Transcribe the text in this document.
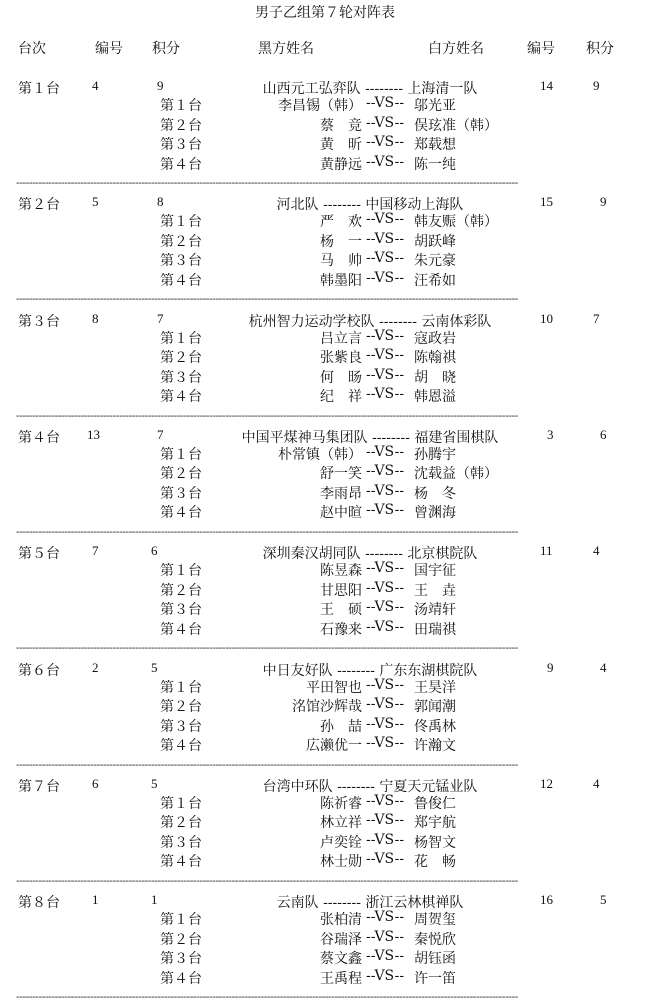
男子乙组第７轮对阵表
台次	编号 积分	黑方姓名	白方姓名	编号 积分
第１台 4	9	山西元工弘弈队 -------- 上海清一队	14	9
第１台	李昌锡（韩） --VS-- 邬光亚
第２台	蔡　竞 --VS-- 俣玹准（韩）
第３台	黄　昕 --VS-- 郑载想
第４台	黄静远 --VS-- 陈一纯
------------------------------------------------------------------------------------------------------------------------------------------------------------
第２台 5	8	河北队 -------- 中国移动上海队	15	9
第１台	严　欢 --VS-- 韩友赈（韩）
第２台	杨　一 --VS-- 胡跃峰
第３台	马　帅 --VS-- 朱元豪
第４台	韩墨阳 --VS-- 汪希如
------------------------------------------------------------------------------------------------------------------------------------------------------------
第３台 8	7	杭州智力运动学校队 -------- 云南体彩队	10	7
第１台	吕立言 --VS-- 寇政岩
第２台	张紫良 --VS-- 陈翰祺
第３台	何　旸 --VS-- 胡　晓
第４台	纪　祥 --VS-- 韩恩溢
------------------------------------------------------------------------------------------------------------------------------------------------------------
第４台 13	7	中国平煤神马集团队 -------- 福建省围棋队	3	6
第１台	朴常镇（韩） --VS-- 孙腾宇
第２台	舒一笑 --VS-- 沈载益（韩）
第３台	李雨昂 --VS-- 杨　冬
第４台	赵中暄 --VS-- 曾渊海
------------------------------------------------------------------------------------------------------------------------------------------------------------
第５台 7	6	深圳秦汉胡同队 -------- 北京棋院队	11	4
第１台	陈昱森 --VS-- 国宇征
第２台	甘思阳 --VS-- 王　垚
第３台	王　硕 --VS-- 汤靖轩
第４台	石豫来 --VS-- 田瑞祺
------------------------------------------------------------------------------------------------------------------------------------------------------------
第６台 2	5	中日友好队 -------- 广东东湖棋院队	9	4
第１台	平田智也 --VS-- 王昊洋
第２台	洺馆沙辉哉 --VS-- 郭闻潮
第３台	孙　喆 --VS-- 佟禹林
第４台	広濑优一 --VS-- 许瀚文
------------------------------------------------------------------------------------------------------------------------------------------------------------
第７台 6	5	台湾中环队 -------- 宁夏天元锰业队	12	4
第１台	陈祈睿 --VS-- 鲁俊仁
第２台	林立祥 --VS-- 郑宇航
第３台	卢奕铨 --VS-- 杨智文
第４台	林士勋 --VS-- 花　畅
------------------------------------------------------------------------------------------------------------------------------------------------------------
第８台 1	1	云南队 -------- 浙江云林棋禅队	16	5
第１台	张柏清 --VS-- 周贺玺
第２台	谷瑞泽 --VS-- 秦悦欣
第３台	蔡文鑫 --VS-- 胡钰函
第４台	王禹程 --VS-- 许一笛
------------------------------------------------------------------------------------------------------------------------------------------------------------
